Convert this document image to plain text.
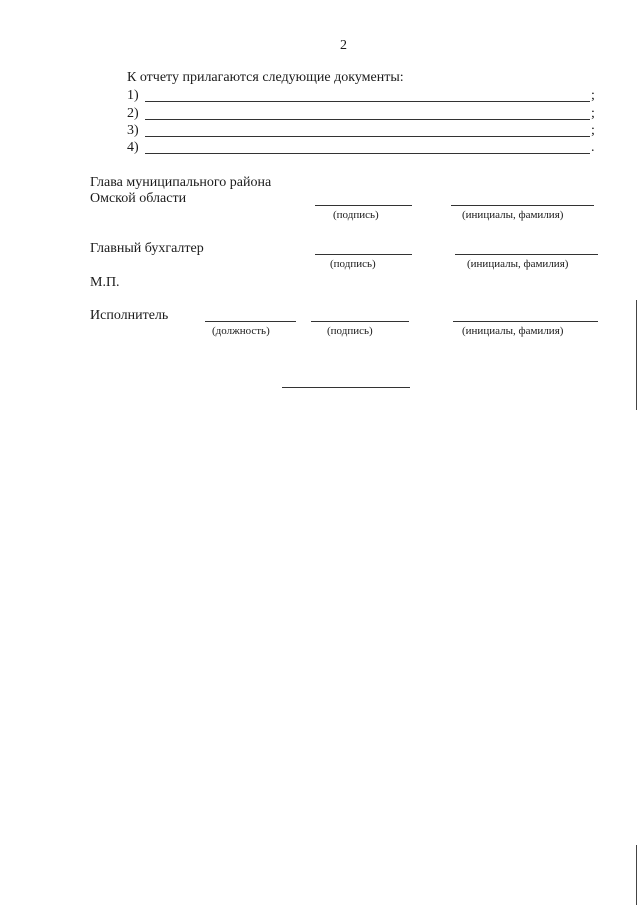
2
К отчету прилагаются следующие документы:
1)	;
2)	;
3)	;
4)	.
Глава муниципального района
Омской области
(подпись)	(инициалы, фамилия)
Главный бухгалтер
(подпись)	(инициалы, фамилия)
М.П.
Исполнитель
(должность)	(подпись)	(инициалы, фамилия)
